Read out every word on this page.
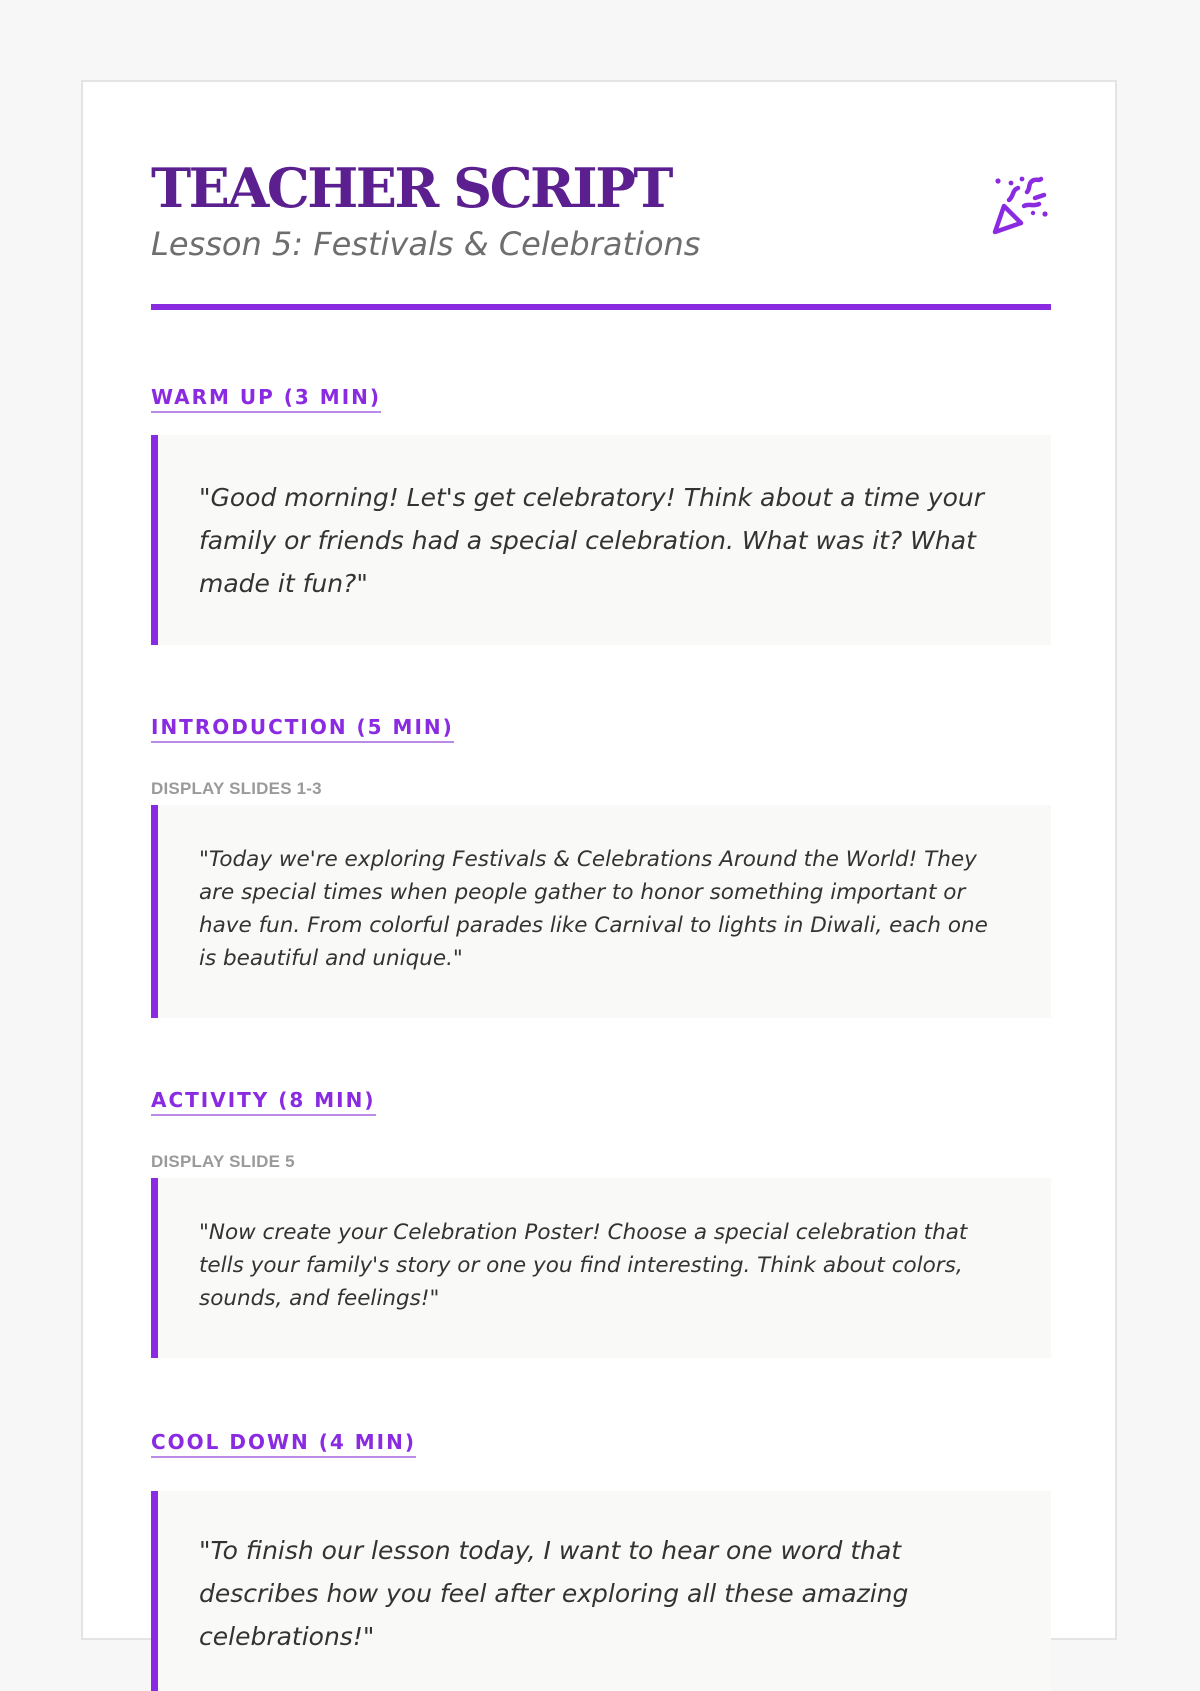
TEACHER SCRIPT
Lesson 5: Festivals & Celebrations
WARM UP (3 MIN)
"Good morning! Let's get celebratory! Think about a time your family or friends had a special celebration. What was it? What made it fun?"
INTRODUCTION (5 MIN)
DISPLAY SLIDES 1-3
"Today we're exploring Festivals & Celebrations Around the World! They are special times when people gather to honor something important or have fun. From colorful parades like Carnival to lights in Diwali, each one is beautiful and unique."
ACTIVITY (8 MIN)
DISPLAY SLIDE 5
"Now create your Celebration Poster! Choose a special celebration that tells your family's story or one you find interesting. Think about colors, sounds, and feelings!"
COOL DOWN (4 MIN)
"To finish our lesson today, I want to hear one word that describes how you feel after exploring all these amazing celebrations!"
